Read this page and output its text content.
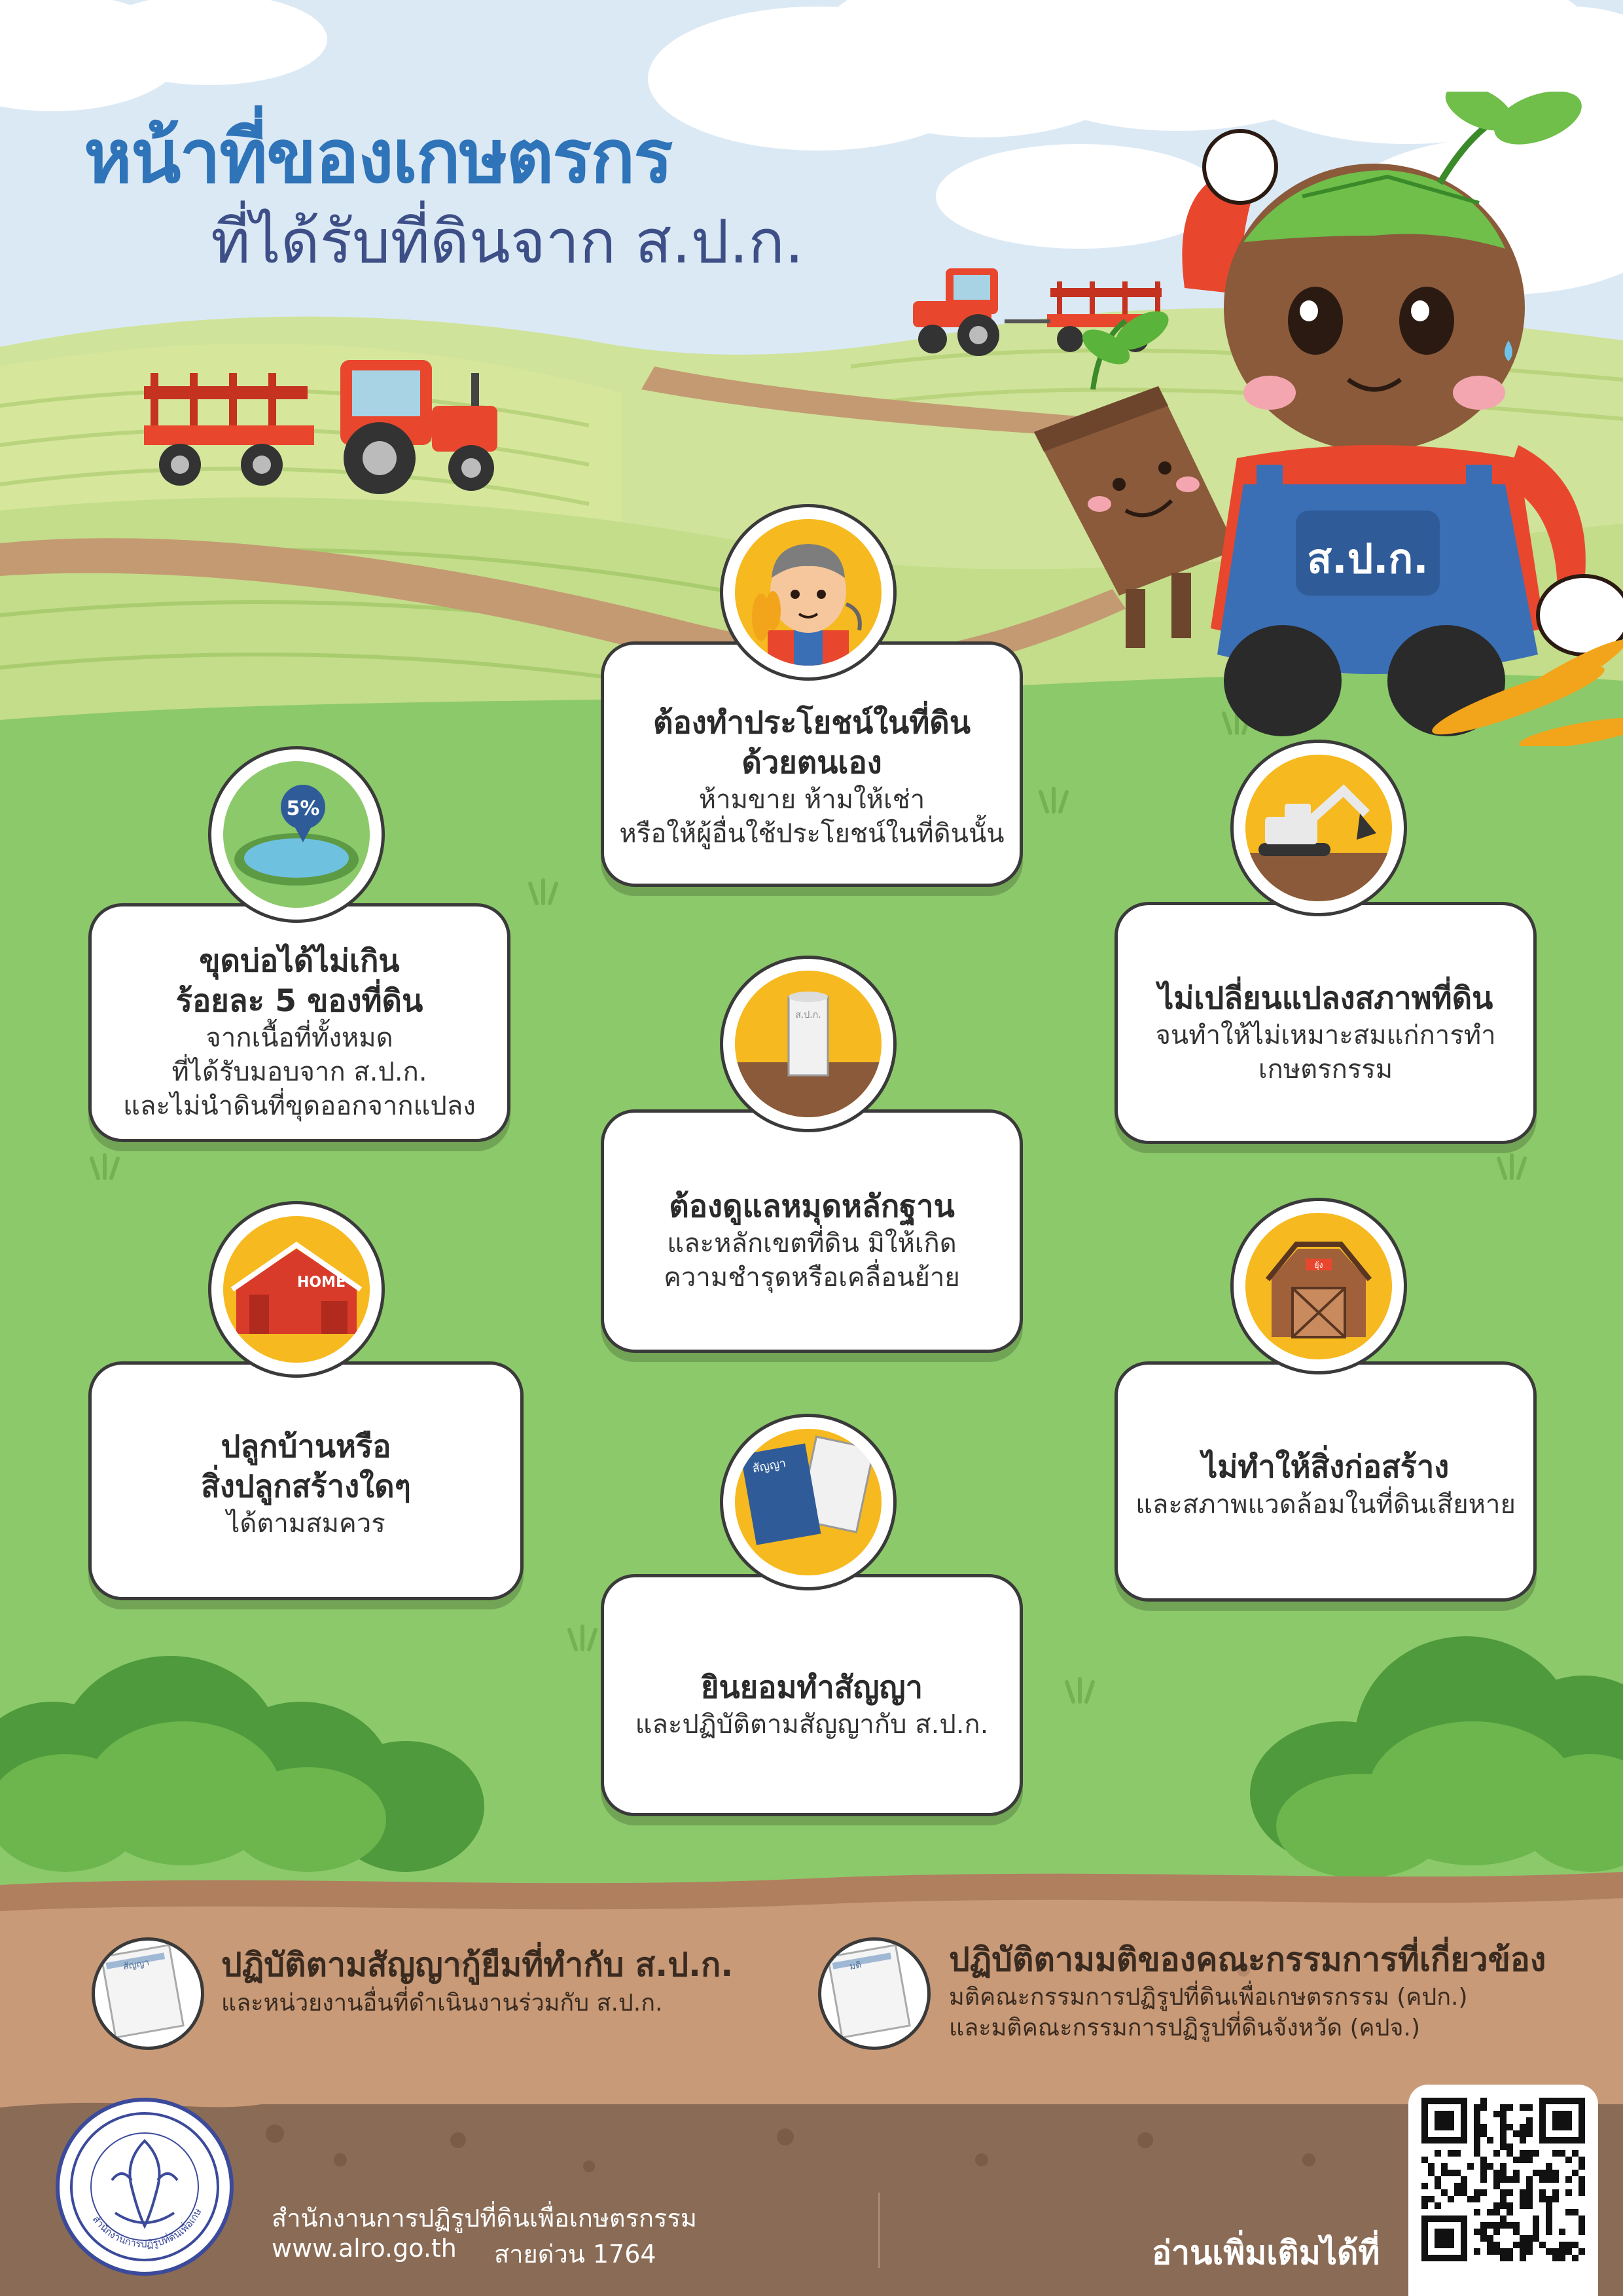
หน้าที่ของเกษตรกร
ที่ได้รับที่ดินจาก ส.ป.ก.
ส.ป.ก.
ต้องทำประโยชน์ในที่ดิน
ด้วยตนเอง
ห้ามขาย ห้ามให้เช่า
หรือให้ผู้อื่นใช้ประโยชน์ในที่ดินนั้น
ขุดบ่อได้ไม่เกิน
ร้อยละ 5 ของที่ดิน
จากเนื้อที่ทั้งหมด
ที่ได้รับมอบจาก ส.ป.ก.
และไม่นำดินที่ขุดออกจากแปลง
5%
ไม่เปลี่ยนแปลงสภาพที่ดิน
จนทำให้ไม่เหมาะสมแก่การทำ
เกษตรกรรม
ต้องดูแลหมุดหลักฐาน
และหลักเขตที่ดิน มิให้เกิด
ความชำรุดหรือเคลื่อนย้าย
ส.ป.ก.
ปลูกบ้านหรือ
สิ่งปลูกสร้างใดๆ
ได้ตามสมควร
HOME
ไม่ทำให้สิ่งก่อสร้าง
และสภาพแวดล้อมในที่ดินเสียหาย
ยุ้ง
ยินยอมทำสัญญา
และปฏิบัติตามสัญญากับ ส.ป.ก.
สัญญา
สัญญา ปฏิบัติตามสัญญากู้ยืมที่ทำกับ ส.ป.ก.
และหน่วยงานอื่นที่ดำเนินงานร่วมกับ ส.ป.ก.
มติ	ปฏิบัติตามมติของคณะกรรมการที่เกี่ยวข้อง
มติคณะกรรมการปฏิรูปที่ดินเพื่อเกษตรกรรม (คปก.)
และมติคณะกรรมการปฏิรูปที่ดินจังหวัด (คปจ.)
สำนักงานการปฏิรูปที่ดินเพื่อเกษ	สำนักงานการปฏิรูปที่ดินเพื่อเกษตรกรรม
www.alro.go.th สายด่วน 1764	อ่านเพิ่มเติมได้ที่
